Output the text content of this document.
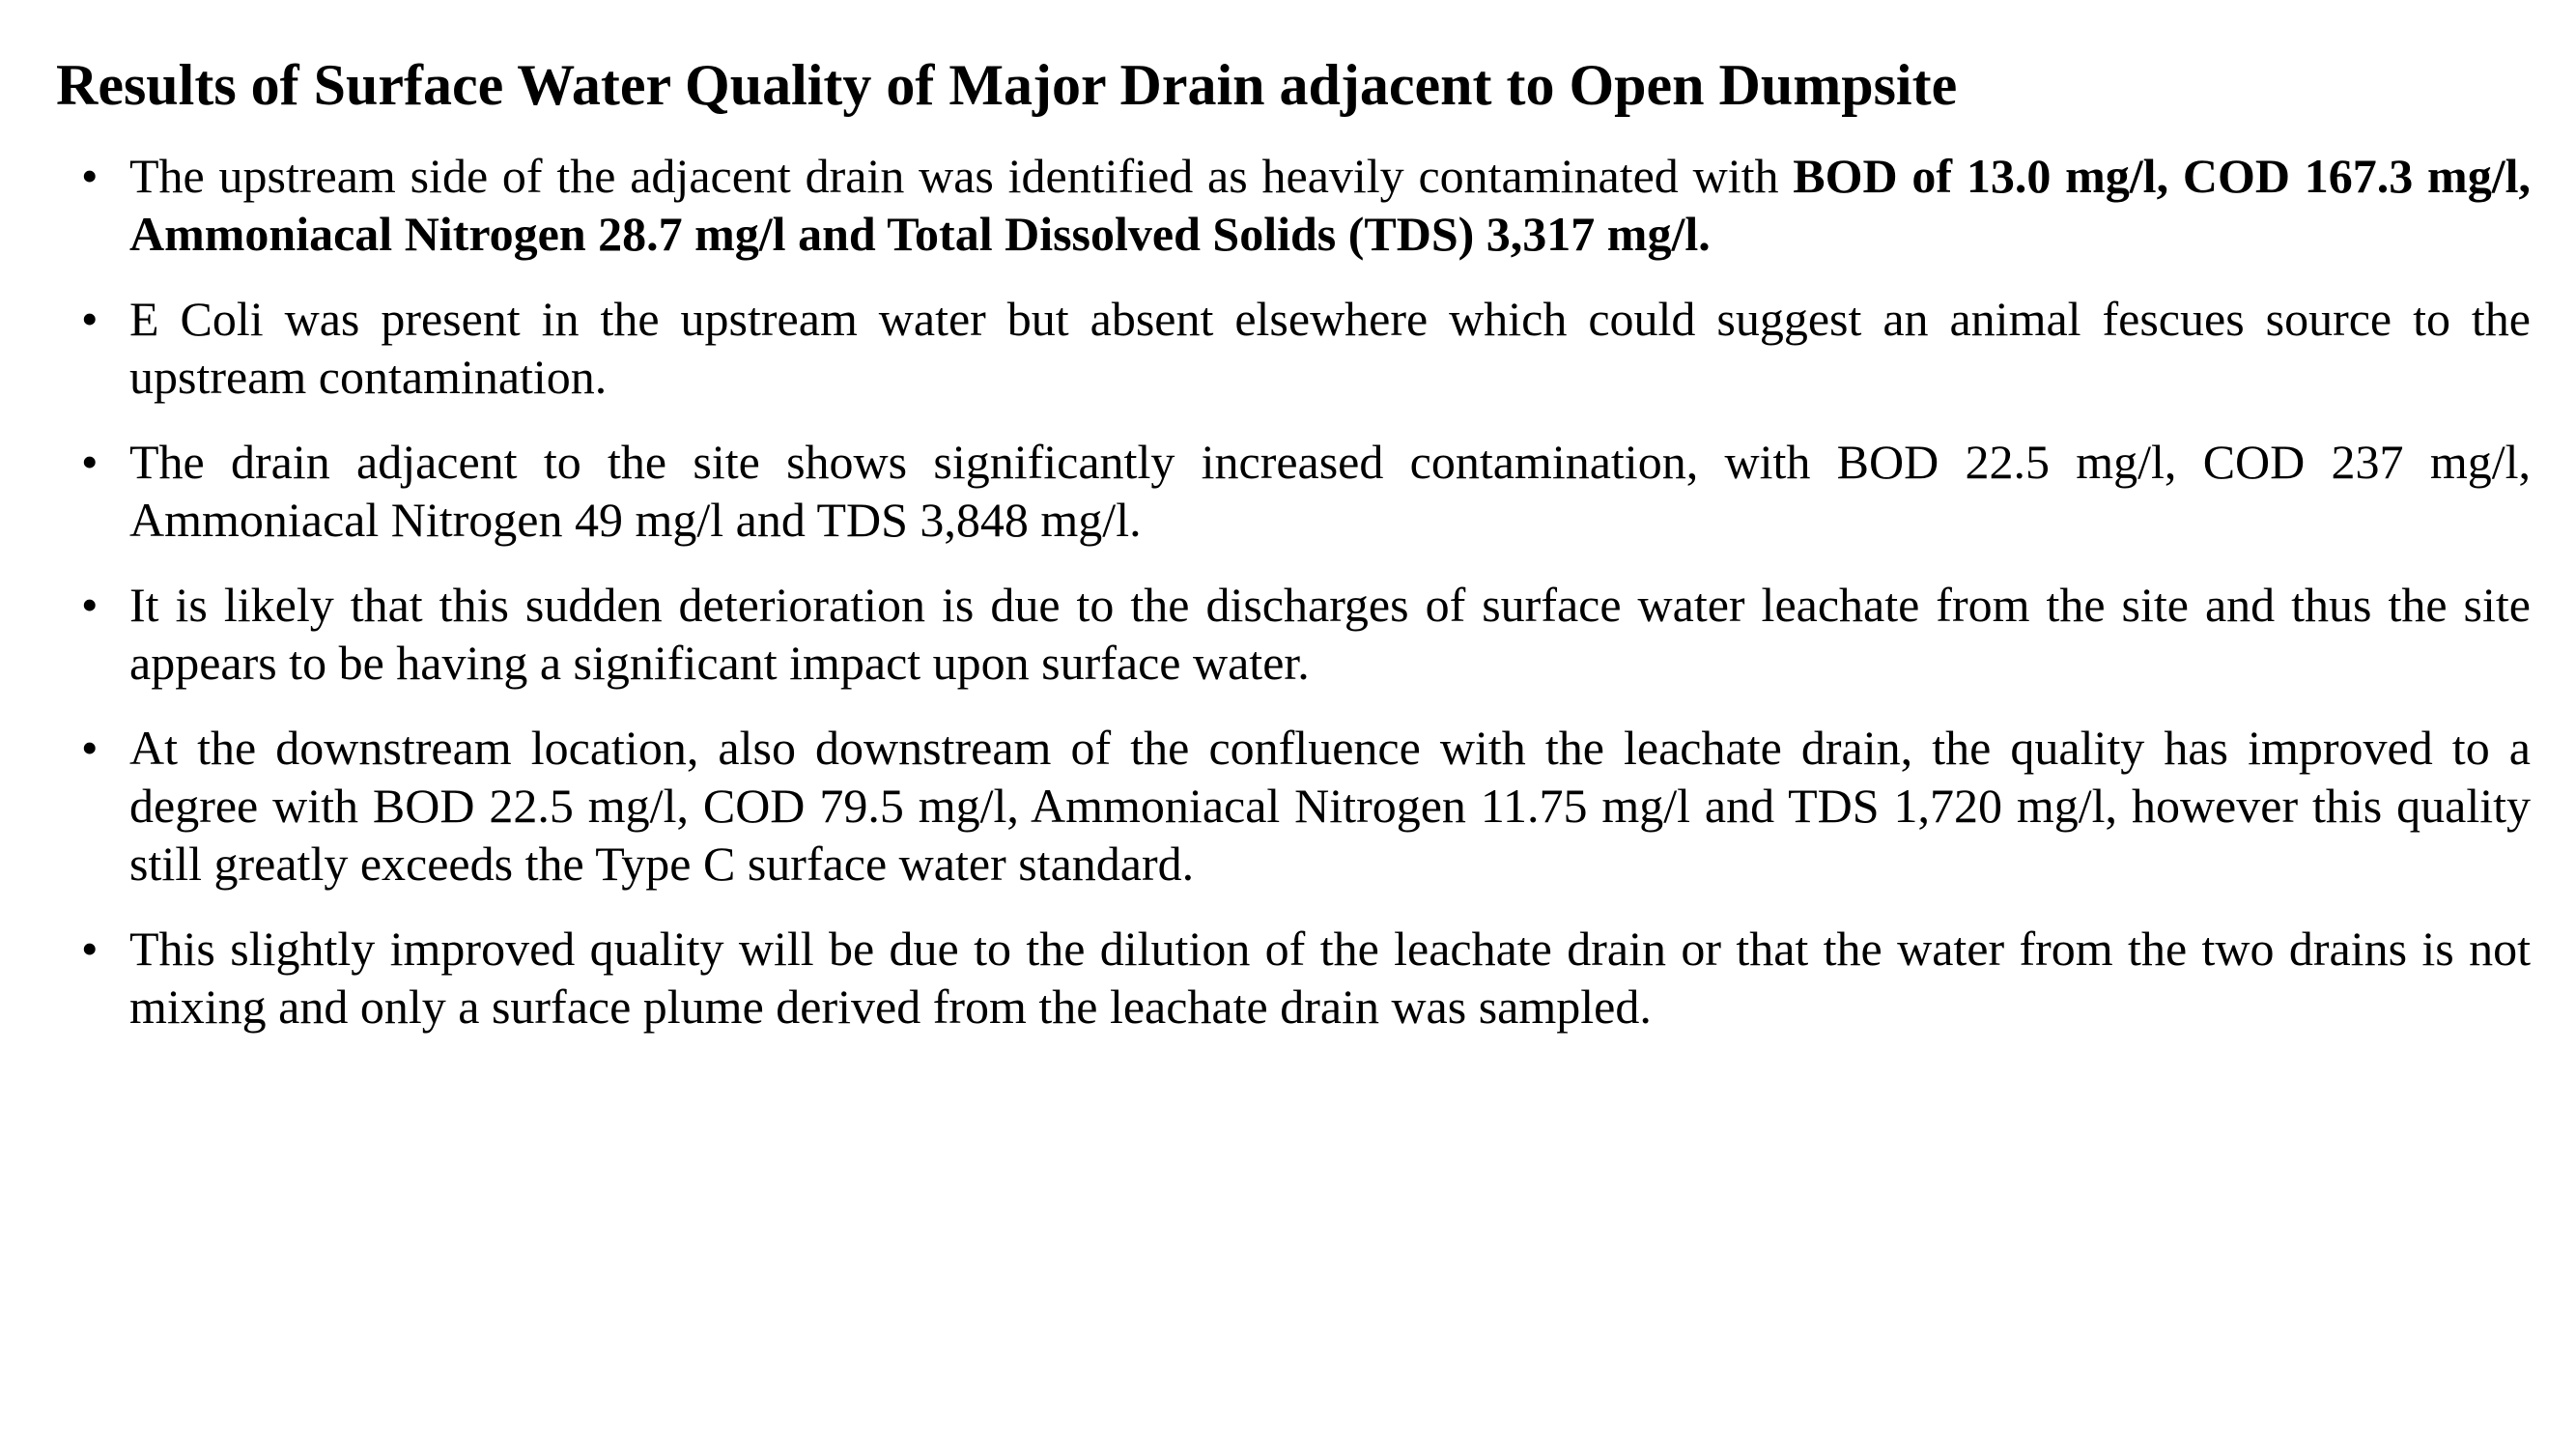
Results of Surface Water Quality of Major Drain adjacent to Open Dumpsite
• The upstream side of the adjacent drain was identified as heavily contaminated with BOD of 13.0 mg/l, COD 167.3 mg/l, Ammoniacal Nitrogen 28.7 mg/l and Total Dissolved Solids (TDS) 3,317 mg/l.
• E Coli was present in the upstream water but absent elsewhere which could suggest an animal fescues source to the upstream contamination.
• The drain adjacent to the site shows significantly increased contamination, with BOD 22.5 mg/l, COD 237 mg/l, Ammoniacal Nitrogen 49 mg/l and TDS 3,848 mg/l.
• It is likely that this sudden deterioration is due to the discharges of surface water leachate from the site and thus the site appears to be having a significant impact upon surface water.
• At the downstream location, also downstream of the confluence with the leachate drain, the quality has improved to a degree with BOD 22.5 mg/l, COD 79.5 mg/l, Ammoniacal Nitrogen 11.75 mg/l and TDS 1,720 mg/l, however this quality still greatly exceeds the Type C surface water standard.
• This slightly improved quality will be due to the dilution of the leachate drain or that the water from the two drains is not mixing and only a surface plume derived from the leachate drain was sampled.
